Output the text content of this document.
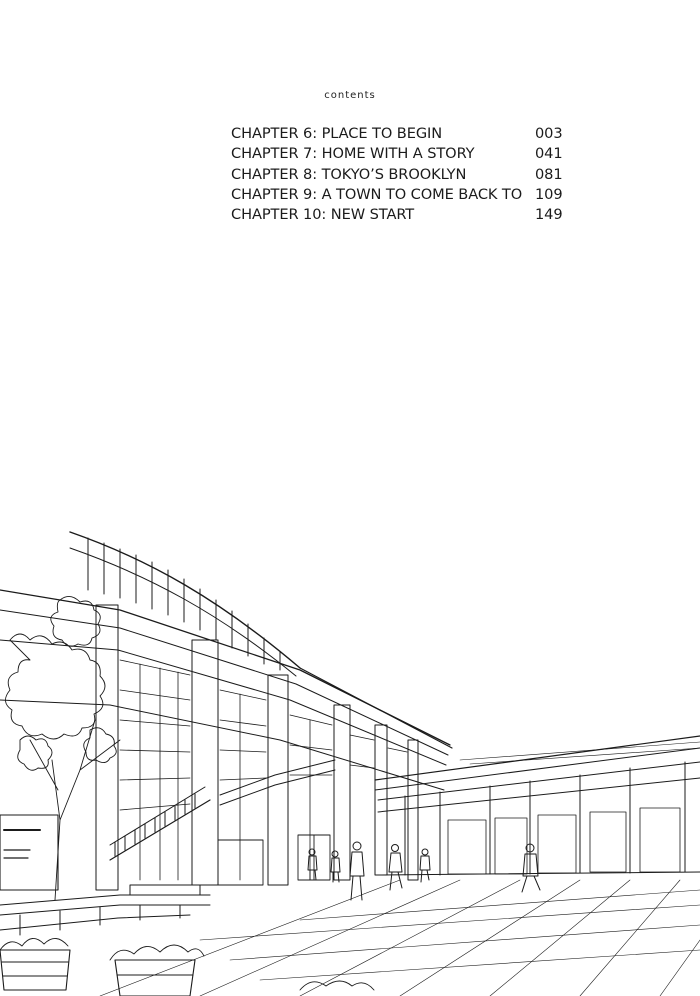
contents
CHAPTER 6: PLACE TO BEGIN	003
CHAPTER 7: HOME WITH A STORY	041
CHAPTER 8: TOKYO’S BROOKLYN	081
CHAPTER 9: A TOWN TO COME BACK TO 109
CHAPTER 10: NEW START	149
